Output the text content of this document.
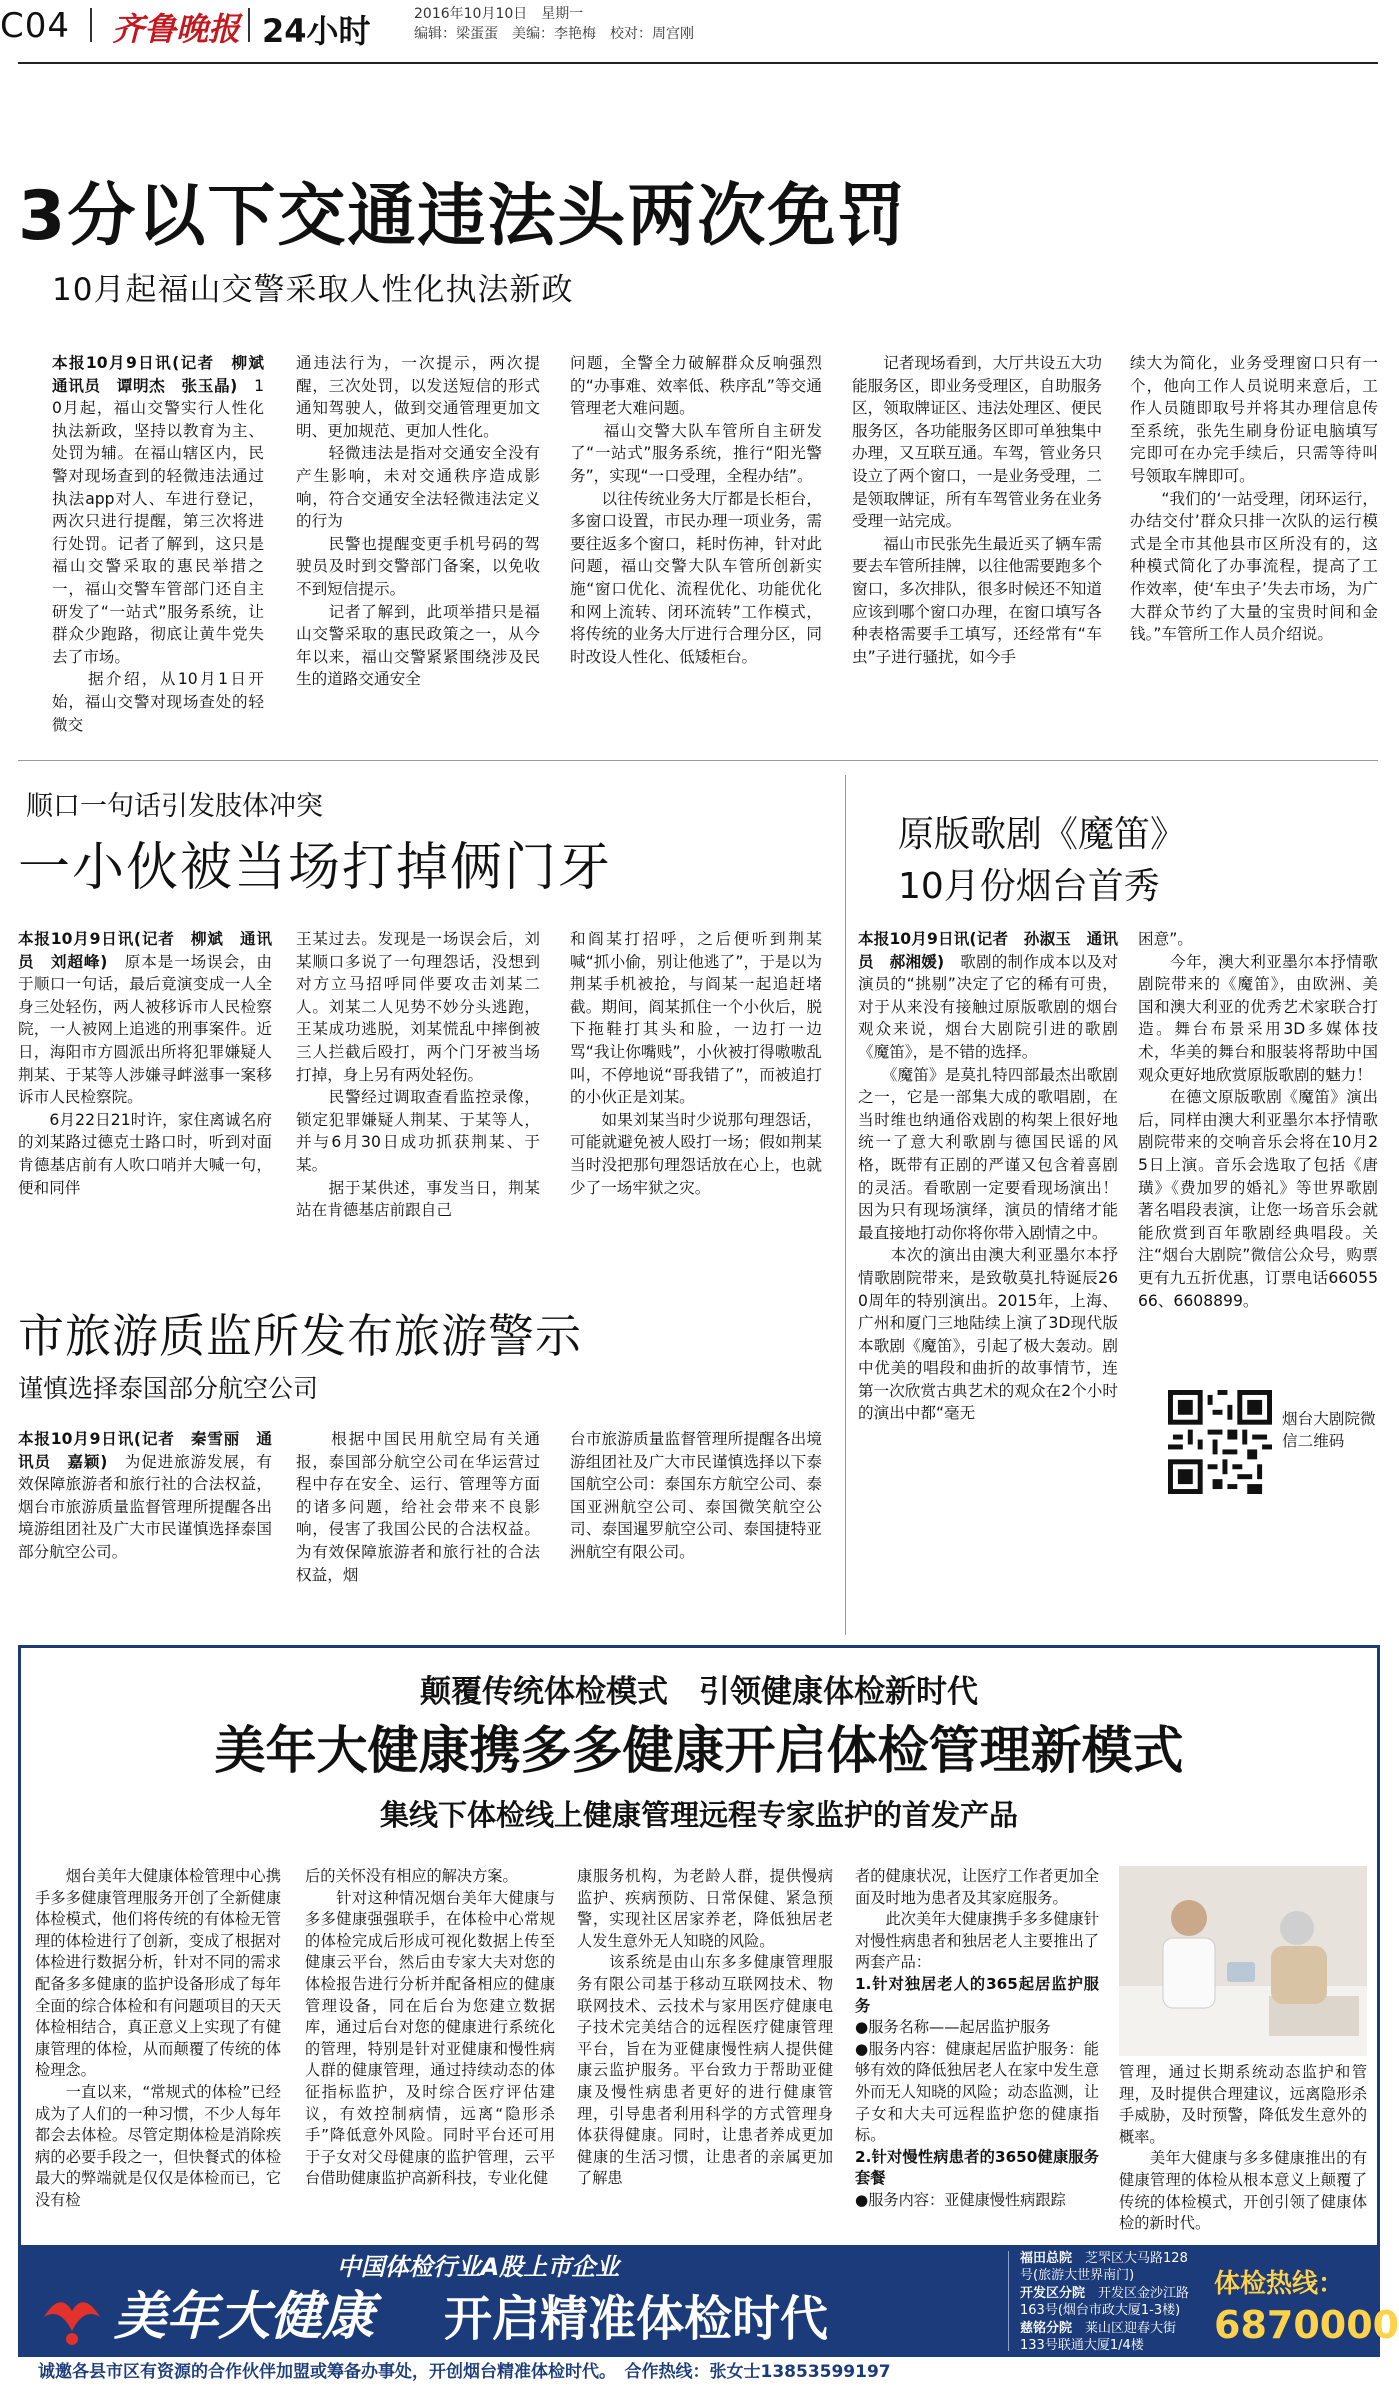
C04 齐鲁晚报 24小时	2016年10月10日　星期一
编辑：梁蛋蛋　美编：李艳梅　校对：周宫刚
3分以下交通违法头两次免罚
10月起福山交警采取人性化执法新政
本报10月9日讯(记者　柳斌　通讯员　谭明杰　张玉晶)　10月起，福山交警实行人性化执法新政，坚持以教育为主、处罚为辅。在福山辖区内，民警对现场查到的轻微违法通过执法app对人、车进行登记，两次只进行提醒，第三次将进行处罚。记者了解到，这只是福山交警采取的惠民举措之一，福山交警车管部门还自主研发了“一站式”服务系统，让群众少跑路，彻底让黄牛党失去了市场。
　　据介绍，从10月1日开始，福山交警对现场查处的轻微交
通违法行为，一次提示，两次提醒，三次处罚，以发送短信的形式通知驾驶人，做到交通管理更加文明、更加规范、更加人性化。
　　轻微违法是指对交通安全没有产生影响，未对交通秩序造成影响，符合交通安全法轻微违法定义的行为
　　民警也提醒变更手机号码的驾驶员及时到交警部门备案，以免收不到短信提示。
　　记者了解到，此项举措只是福山交警采取的惠民政策之一，从今年以来，福山交警紧紧围绕涉及民生的道路交通安全
问题，全警全力破解群众反响强烈的“办事难、效率低、秩序乱”等交通管理老大难问题。
　　福山交警大队车管所自主研发了“一站式”服务系统，推行“阳光警务”，实现“一口受理，全程办结”。
　　以往传统业务大厅都是长柜台，多窗口设置，市民办理一项业务，需要往返多个窗口，耗时伤神，针对此问题，福山交警大队车管所创新实施“窗口优化、流程优化、功能优化和网上流转、闭环流转”工作模式，将传统的业务大厅进行合理分区，同时改设人性化、低矮柜台。
　　记者现场看到，大厅共设五大功能服务区，即业务受理区，自助服务区，领取牌证区、违法处理区、便民服务区，各功能服务区即可单独集中办理，又互联互通。车驾，管业务只设立了两个窗口，一是业务受理，二是领取牌证，所有车驾管业务在业务受理一站完成。
　　福山市民张先生最近买了辆车需要去车管所挂牌，以往他需要跑多个窗口，多次排队，很多时候还不知道应该到哪个窗口办理，在窗口填写各种表格需要手工填写，还经常有“车虫”子进行骚扰，如今手
续大为简化，业务受理窗口只有一个，他向工作人员说明来意后，工作人员随即取号并将其办理信息传至系统，张先生刷身份证电脑填写完即可在办完手续后，只需等待叫号领取车牌即可。
　　“我们的‘一站受理，闭环运行，办结交付’群众只排一次队的运行模式是全市其他县市区所没有的，这种模式简化了办事流程，提高了工作效率，使‘车虫子’失去市场，为广大群众节约了大量的宝贵时间和金钱。”车管所工作人员介绍说。
顺口一句话引发肢体冲突
一小伙被当场打掉俩门牙
本报10月9日讯(记者　柳斌　通讯员　刘超峰)　原本是一场误会，由于顺口一句话，最后竟演变成一人全身三处轻伤，两人被移诉市人民检察院，一人被网上追逃的刑事案件。近日，海阳市方圆派出所将犯罪嫌疑人荆某、于某等人涉嫌寻衅滋事一案移诉市人民检察院。
　　6月22日21时许，家住离诚名府的刘某路过德克士路口时，听到对面肯德基店前有人吹口哨并大喊一句，便和同伴
王某过去。发现是一场误会后，刘某顺口多说了一句理怨话，没想到对方立马招呼同伴要攻击刘某二人。刘某二人见势不妙分头逃跑，王某成功逃脱，刘某慌乱中摔倒被三人拦截后殴打，两个门牙被当场打掉，身上另有两处轻伤。
　　民警经过调取查看监控录像，锁定犯罪嫌疑人荆某、于某等人，并与6月30日成功抓获荆某、于某。
　　据于某供述，事发当日，荆某站在肯德基店前跟自己
和阎某打招呼，之后便听到荆某喊“抓小偷，别让他逃了”，于是以为荆某手机被抢，与阎某一起追赶堵截。期间，阎某抓住一个小伙后，脱下拖鞋打其头和脸，一边打一边骂“我让你嘴贱”，小伙被打得嗷嗷乱叫，不停地说“哥我错了”，而被追打的小伙正是刘某。
　　如果刘某当时少说那句理怨话，可能就避免被人殴打一场；假如荆某当时没把那句理怨话放在心上，也就少了一场牢狱之灾。
市旅游质监所发布旅游警示
谨慎选择泰国部分航空公司
本报10月9日讯(记者　秦雪丽　通讯员　嘉颖)　为促进旅游发展，有效保障旅游者和旅行社的合法权益，烟台市旅游质量监督管理所提醒各出境游组团社及广大市民谨慎选择泰国部分航空公司。
　　根据中国民用航空局有关通报，泰国部分航空公司在华运营过程中存在安全、运行、管理等方面的诸多问题，给社会带来不良影响，侵害了我国公民的合法权益。为有效保障旅游者和旅行社的合法权益，烟
台市旅游质量监督管理所提醒各出境游组团社及广大市民谨慎选择以下泰国航空公司：泰国东方航空公司、泰国亚洲航空公司、泰国微笑航空公司、泰国暹罗航空公司、泰国捷特亚洲航空有限公司。
原版歌剧《魔笛》
10月份烟台首秀
本报10月9日讯(记者　孙淑玉　通讯员　郝湘媛)　歌剧的制作成本以及对演员的“挑剔”决定了它的稀有可贵，对于从来没有接触过原版歌剧的烟台观众来说，烟台大剧院引进的歌剧《魔笛》，是不错的选择。
　　《魔笛》是莫扎特四部最杰出歌剧之一，它是一部集大成的歌唱剧，在当时维也纳通俗戏剧的构架上很好地统一了意大利歌剧与德国民谣的风格，既带有正剧的严谨又包含着喜剧的灵活。看歌剧一定要看现场演出！因为只有现场演绎，演员的情绪才能最直接地打动你将你带入剧情之中。
　　本次的演出由澳大利亚墨尔本抒情歌剧院带来，是致敬莫扎特诞辰260周年的特别演出。2015年，上海、广州和厦门三地陆续上演了3D现代版本歌剧《魔笛》，引起了极大轰动。剧中优美的唱段和曲折的故事情节，连第一次欣赏古典艺术的观众在2个小时的演出中都“毫无
困意”。
　　今年，澳大利亚墨尔本抒情歌剧院带来的《魔笛》，由欧洲、美国和澳大利亚的优秀艺术家联合打造。舞台布景采用3D多媒体技术，华美的舞台和服装将帮助中国观众更好地欣赏原版歌剧的魅力！
　　在德文原版歌剧《魔笛》演出后，同样由澳大利亚墨尔本抒情歌剧院带来的交响音乐会将在10月25日上演。音乐会选取了包括《唐璜》《费加罗的婚礼》等世界歌剧著名唱段表演，让您一场音乐会就能欣赏到百年歌剧经典唱段。关注“烟台大剧院”微信公众号，购票更有九五折优惠，订票电话6605566、6608899。
烟台大剧院微信二维码
颠覆传统体检模式　引领健康体检新时代
美年大健康携多多健康开启体检管理新模式
集线下体检线上健康管理远程专家监护的首发产品
　　烟台美年大健康体检管理中心携手多多健康管理服务开创了全新健康体检模式，他们将传统的有体检无管理的体检进行了创新，变成了根据对体检进行数据分析，针对不同的需求配备多多健康的监护设备形成了每年全面的综合体检和有问题项目的天天体检相结合，真正意义上实现了有健康管理的体检，从而颠覆了传统的体检理念。
　　一直以来，“常规式的体检”已经成为了人们的一种习惯，不少人每年都会去体检。尽管定期体检是消除疾病的必要手段之一，但快餐式的体检最大的弊端就是仅仅是体检而已，它没有检
后的关怀没有相应的解决方案。
　　针对这种情况烟台美年大健康与多多健康强强联手，在体检中心常规的体检完成后形成可视化数据上传至健康云平台，然后由专家大夫对您的体检报告进行分析并配备相应的健康管理设备，同在后台为您建立数据库，通过后台对您的健康进行系统化的管理，特别是针对亚健康和慢性病人群的健康管理，通过持续动态的体征指标监护，及时综合医疗评估建议，有效控制病情，远离“隐形杀手”降低意外风险。同时平台还可用于子女对父母健康的监护管理，云平台借助健康监护高新科技，专业化健
康服务机构，为老龄人群，提供慢病监护、疾病预防、日常保健、紧急预警，实现社区居家养老，降低独居老人发生意外无人知晓的风险。
　　该系统是由山东多多健康管理服务有限公司基于移动互联网技术、物联网技术、云技术与家用医疗健康电子技术完美结合的远程医疗健康管理平台，旨在为亚健康慢性病人提供健康云监护服务。平台致力于帮助亚健康及慢性病患者更好的进行健康管理，引导患者利用科学的方式管理身体获得健康。同时，让患者养成更加健康的生活习惯，让患者的亲属更加了解患
者的健康状况，让医疗工作者更加全面及时地为患者及其家庭服务。
　　此次美年大健康携手多多健康针对慢性病患者和独居老人主要推出了两套产品：
1.针对独居老人的365起居监护服务
●服务名称——起居监护服务
●服务内容：健康起居监护服务：能够有效的降低独居老人在家中发生意外而无人知晓的风险；动态监测，让子女和大夫可远程监护您的健康指标。
2.针对慢性病患者的3650健康服务套餐
●服务内容：亚健康慢性病跟踪
管理，通过长期系统动态监护和管理，及时提供合理建议，远离隐形杀手威胁，及时预警，降低发生意外的概率。
　　美年大健康与多多健康推出的有健康管理的体检从根本意义上颠覆了传统的体检模式，开创引领了健康体检的新时代。
中国体检行业A股上市企业
美年大健康 开启精准体检时代
福田总院　 芝罘区大马路128号(旅游大世界南门)
开发区分院　 开发区金沙江路163号(烟台市政大厦1-3楼)
慈铭分院　 莱山区迎春大街133号联通大厦1/4楼
体检热线：
6870000
诚邀各县市区有资源的合作伙伴加盟或筹备办事处，开创烟台精准体检时代。　合作热线：张女士13853599197
